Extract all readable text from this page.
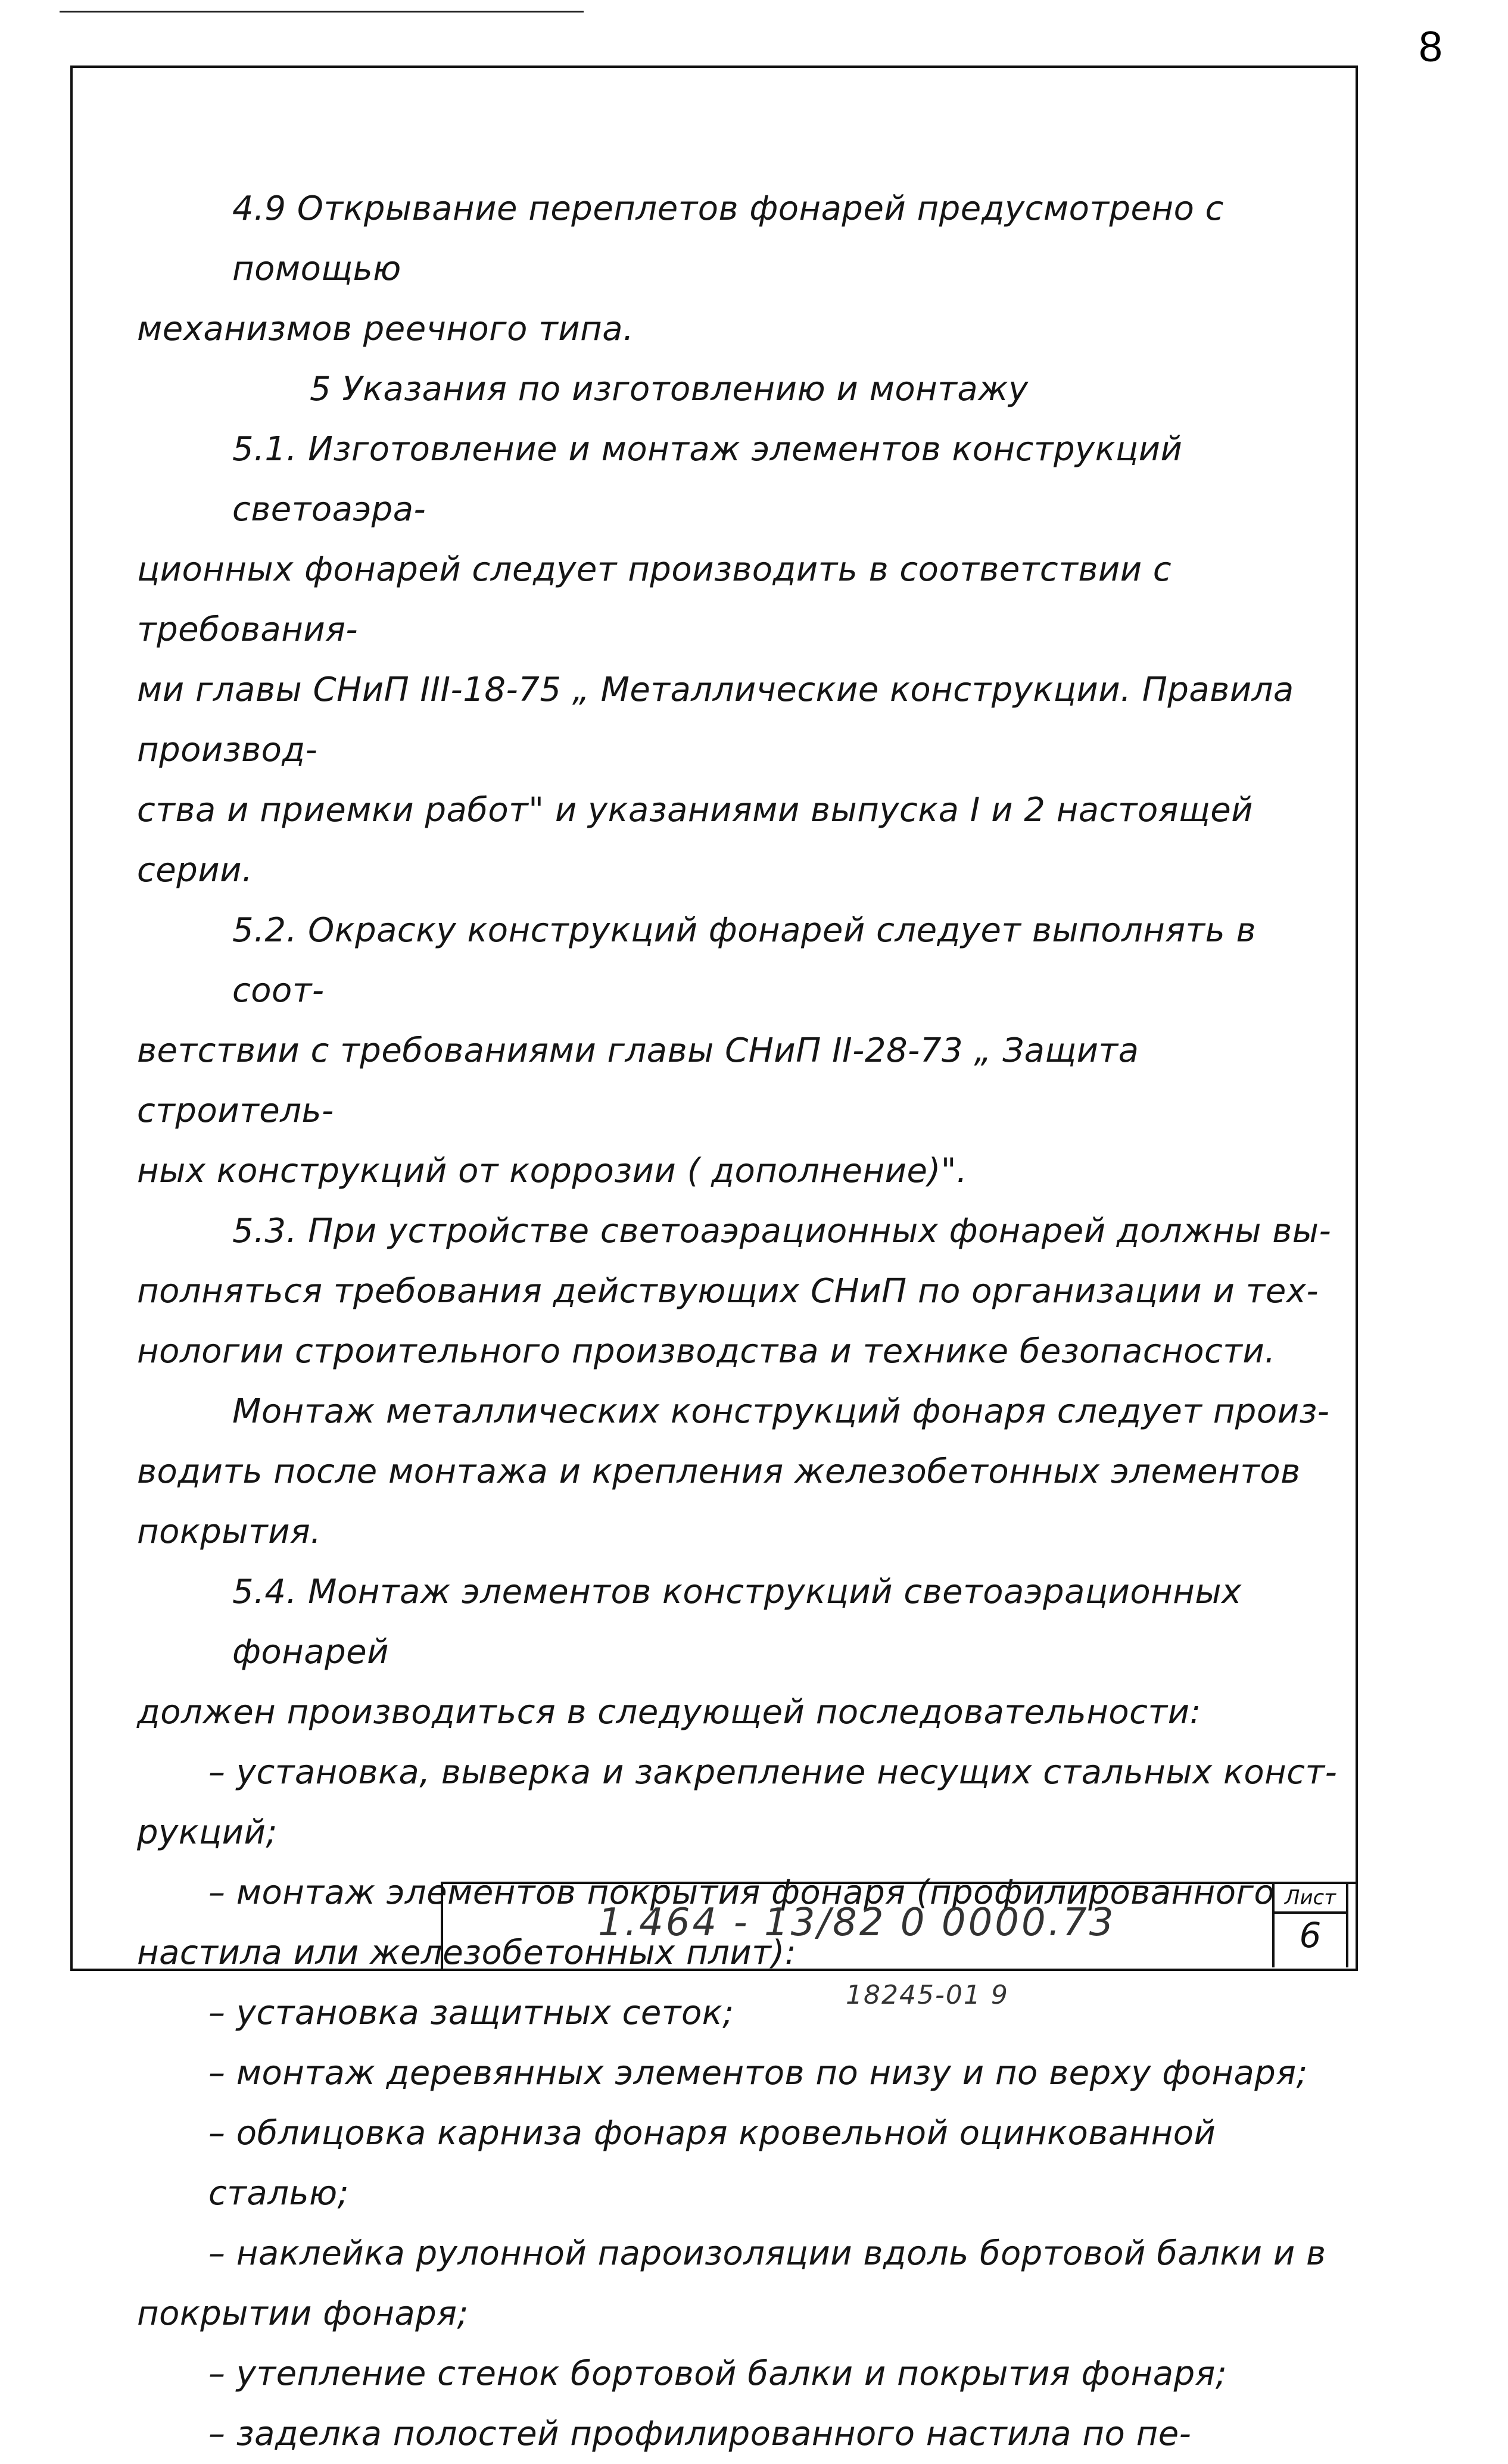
8

4.9 Открывание переплетов фонарей предусмотрено с помощью

механизмов реечного типа.

5 Указания по изготовлению и монтажу

5.1. Изготовление и монтаж элементов конструкций светоаэра-

ционных фонарей следует производить в соответствии с требования-

ми главы СНиП III-18-75 „ Металлические конструкции. Правила производ-

ства и приемки работ" и указаниями выпуска I и 2 настоящей серии.

5.2. Окраску конструкций фонарей следует выполнять в соот-

ветствии с требованиями главы СНиП II-28-73 „ Защита строитель-

ных конструкций от коррозии ( дополнение)".

5.3. При устройстве светоаэрационных фонарей должны вы-

полняться требования действующих СНиП по организации и тех-

нологии строительного производства и технике безопасности.

Монтаж металлических конструкций фонаря следует произ-

водить после монтажа и крепления железобетонных элементов покрытия.

5.4. Монтаж элементов конструкций светоаэрационных фонарей

должен производиться в следующей последовательности:

– установка, выверка и закрепление несущих стальных конст-

рукций;

– монтаж элементов покрытия фонаря (профилированного

настила или железобетонных плит):

– установка защитных сеток;

– монтаж деревянных элементов по низу и по верху фонаря;

– облицовка карниза фонаря кровельной оцинкованной сталью;

– наклейка рулонной пароизоляции вдоль бортовой балки и в

покрытии фонаря;

– утепление стенок бортовой балки и покрытия фонаря;

– заделка полостей профилированного настила по пе-

1.464 - 13/82 0 0000.73
Лист
6
18245-01 9
